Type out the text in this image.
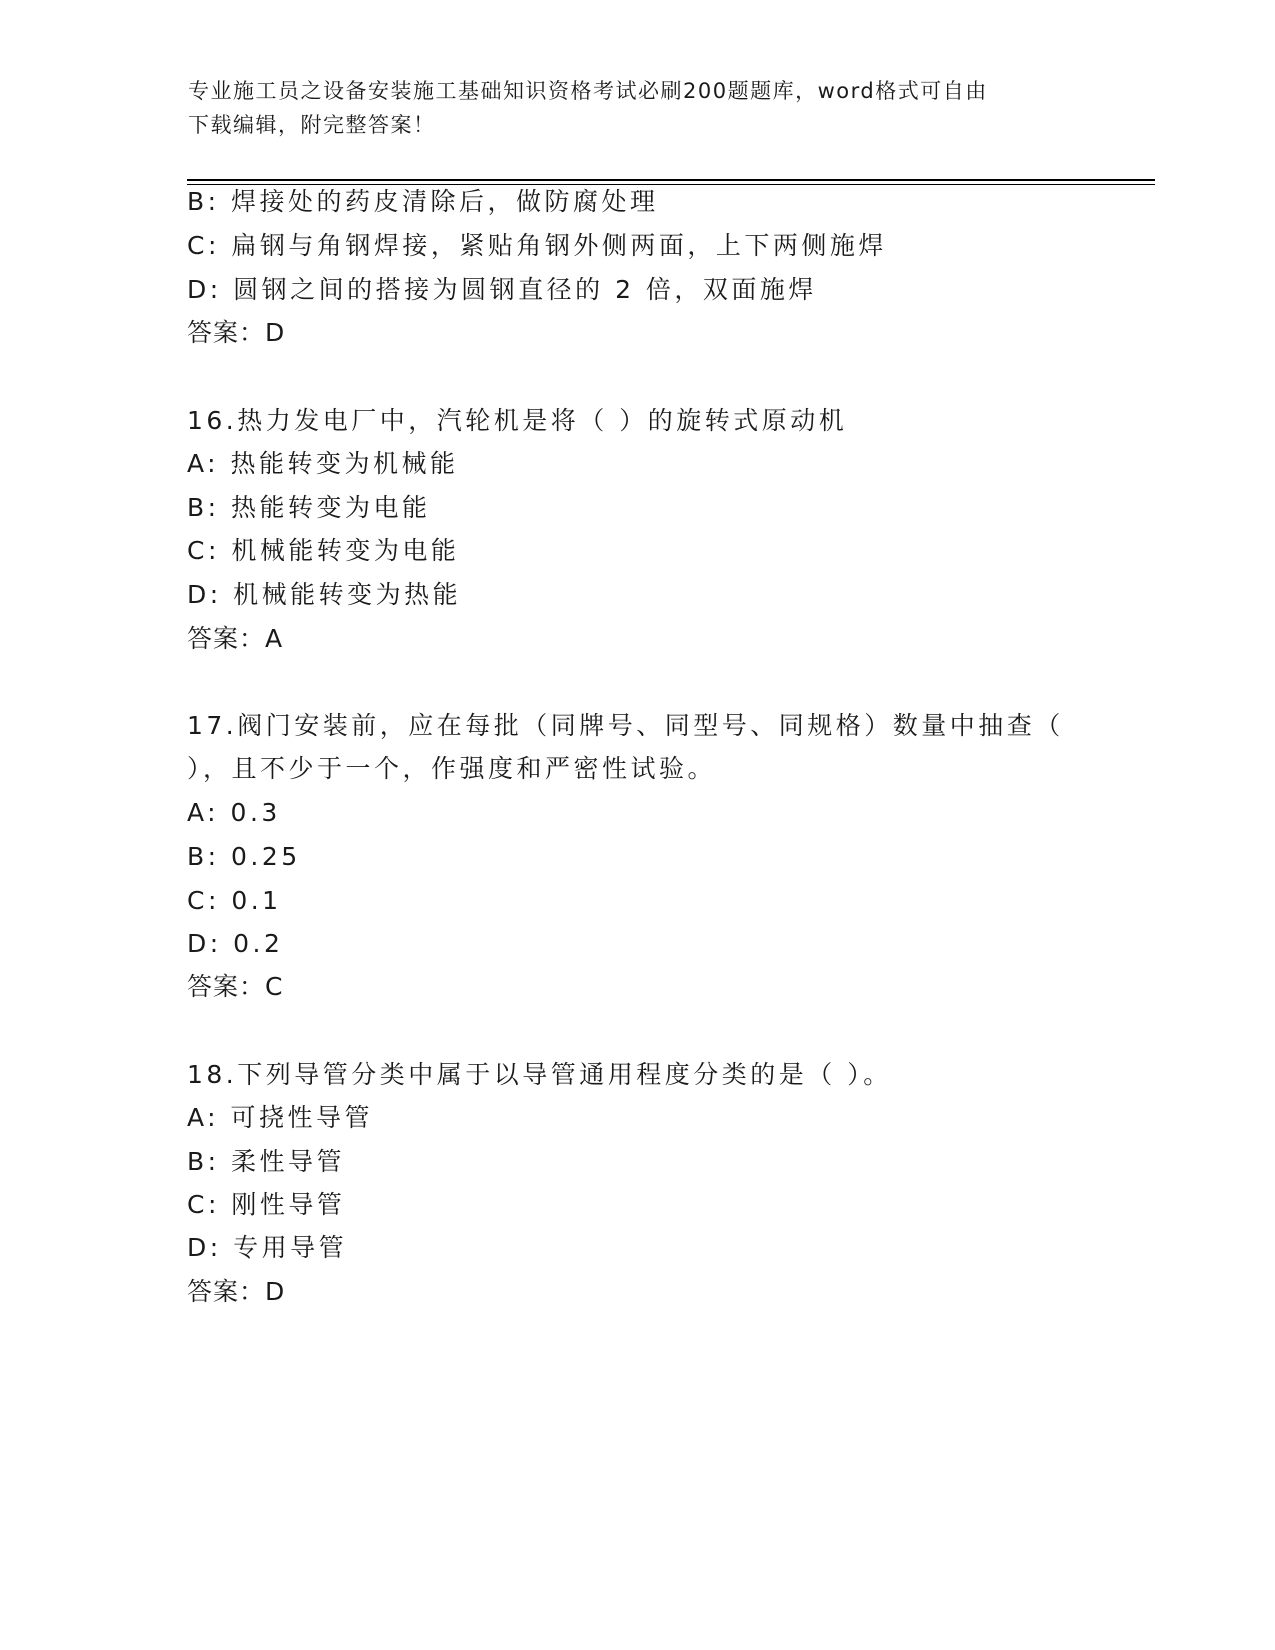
专业施工员之设备安装施工基础知识资格考试必刷200题题库，word格式可自由
下载编辑，附完整答案！
B: 焊接处的药皮清除后，做防腐处理
C: 扁钢与角钢焊接，紧贴角钢外侧两面，上下两侧施焊
D: 圆钢之间的搭接为圆钢直径的 2 倍，双面施焊
答案：D
16.热力发电厂中，汽轮机是将（ ）的旋转式原动机
A: 热能转变为机械能
B: 热能转变为电能
C: 机械能转变为电能
D: 机械能转变为热能
答案：A
17.阀门安装前，应在每批（同牌号、同型号、同规格）数量中抽查（
），且不少于一个，作强度和严密性试验。
A: 0.3
B: 0.25
C: 0.1
D: 0.2
答案：C
18.下列导管分类中属于以导管通用程度分类的是（ ）。
A: 可挠性导管
B: 柔性导管
C: 刚性导管
D: 专用导管
答案：D
